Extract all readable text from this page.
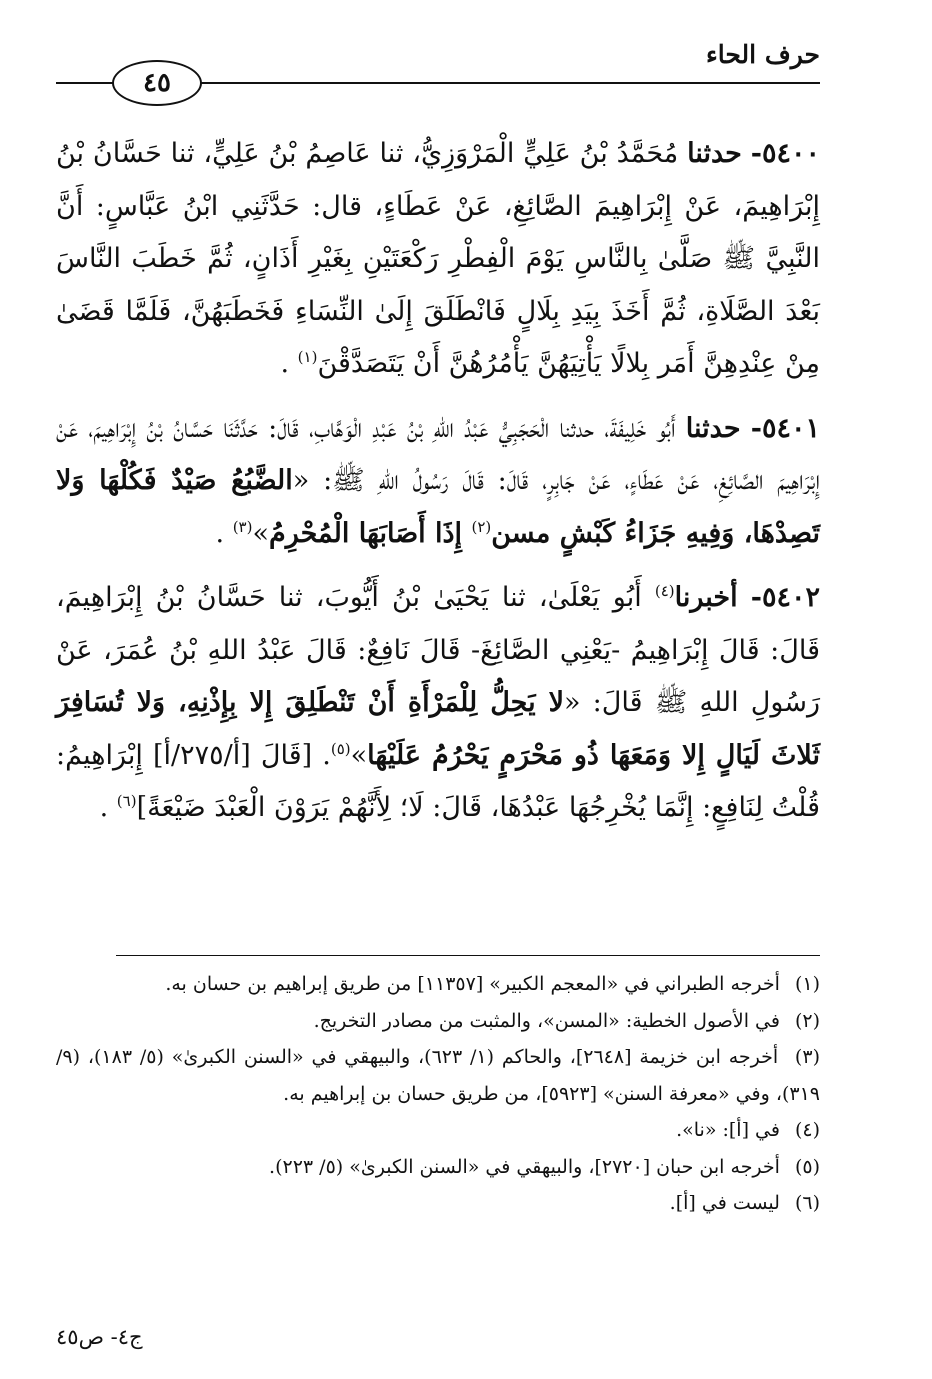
حرف الحاء
٤٥

٥٤٠٠- حدثنا مُحَمَّدُ بْنُ عَلِيٍّ الْمَرْوَزِيُّ، ثنا عَاصِمُ بْنُ عَلِيٍّ، ثنا حَسَّانُ بْنُ إِبْرَاهِيمَ، عَنْ إِبْرَاهِيمَ الصَّائِغِ، عَنْ عَطَاءٍ، قال: حَدَّثَنِي ابْنُ عَبَّاسٍ: أَنَّ النَّبِيَّ ﷺ صَلَّىٰ بِالنَّاسِ يَوْمَ الْفِطْرِ رَكْعَتَيْنِ بِغَيْرِ أَذَانٍ، ثُمَّ خَطَبَ النَّاسَ بَعْدَ الصَّلَاةِ، ثُمَّ أَخَذَ بِيَدِ بِلَالٍ فَانْطَلَقَ إِلَىٰ النِّسَاءِ فَخَطَبَهُنَّ، فَلَمَّا قَضَىٰ مِنْ عِنْدِهِنَّ أَمَر بِلالًا يَأْتِيَهُنَّ يَأْمُرُهُنَّ أَنْ يَتَصَدَّقْنَ$^{(١)}$ .

٥٤٠١- حدثنا أَبُو خَلِيفَةَ، حدثنا الْحَجَبِيُّ عَبْدُ اللهِ بْنُ عَبْدِ الْوَهَّابِ، قَالَ: حَدَّثَنَا حَسَّانُ بْنُ إِبْرَاهِيمَ، عَنْ إِبْرَاهِيمَ الصَّائِغِ، عَنْ عَطَاءٍ، عَنْ جَابِرٍ، قَالَ: قَالَ رَسُولُ اللهِ ﷺ: «الضَّبُعُ صَيْدٌ فَكُلْهَا وَلا تَصِدْهَا، وَفِيهِ جَزَاءُ كَبْشٍ مسن$^{(٢)}$ إِذَا أَصَابَهَا الْمُحْرِمُ»$^{(٣)}$ .

٥٤٠٢- أخبرنا$^{(٤)}$ أَبُو يَعْلَىٰ، ثنا يَحْيَىٰ بْنُ أَيُّوبَ، ثنا حَسَّانُ بْنُ إِبْرَاهِيمَ، قَالَ: قَالَ إِبْرَاهِيمُ -يَعْنِي الصَّائِغَ- قَالَ نَافِعٌ: قَالَ عَبْدُ اللهِ بْنُ عُمَرَ، عَنْ رَسُولِ اللهِ ﷺ قَالَ: «لا يَحِلُّ لِلْمَرْأَةِ أَنْ تَنْطَلِقَ إِلا بِإِذْنِهِ، وَلا تُسَافِرَ ثَلاثَ لَيَالٍ إِلا وَمَعَهَا ذُو مَحْرَمٍ يَحْرُمُ عَلَيْهَا»$^{(٥)}$. [قَالَ [أ/٢٧٥/أ] إِبْرَاهِيمُ: قُلْتُ لِنَافِعٍ: إِنَّمَا يُخْرِجُهَا عَبْدُهَا، قَالَ: لَا؛ لِأَنَّهُمْ يَرَوْنَ الْعَبْدَ ضَيْعَةً]$^{(٦)}$ .

(١) أخرجه الطبراني في «المعجم الكبير» [١١٣٥٧] من طريق إبراهيم بن حسان به.
(٢) في الأصول الخطية: «المسن»، والمثبت من مصادر التخريج.
(٣) أخرجه ابن خزيمة [٢٦٤٨]، والحاكم (١/ ٦٢٣)، والبيهقي في «السنن الكبرىٰ» (٥/ ١٨٣)، (٩/ ٣١٩)، وفي «معرفة السنن» [٥٩٢٣]، من طريق حسان بن إبراهيم به.
(٤) في [أ]: «نا».
(٥) أخرجه ابن حبان [٢٧٢٠]، والبيهقي في «السنن الكبرىٰ» (٥/ ٢٢٣).
(٦) ليست في [أ].
ج٤- ص٤٥
